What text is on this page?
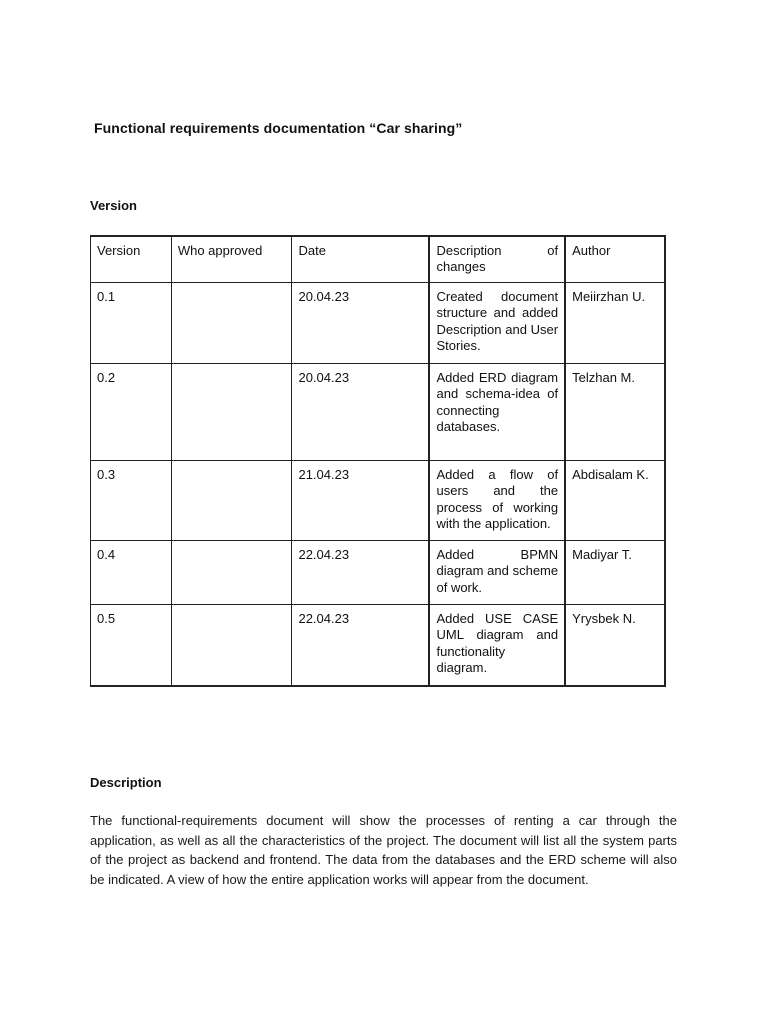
Functional requirements documentation “Car sharing”
Version
Version	Who approved	Date	Description of changes	Author
0.1		20.04.23	Created document structure and added Description and User Stories.	Meiirzhan U.
0.2		20.04.23	Added ERD diagram and schema-idea of connecting databases.	Telzhan M.
0.3		21.04.23	Added a flow of users and the process of working with the application.	Abdisalam K.
0.4		22.04.23	Added BPMN diagram and scheme of work.	Madiyar T.
0.5		22.04.23	Added USE CASE UML diagram and functionality diagram.	Yrysbek N.
Description
The functional-requirements document will show the processes of renting a car through the application, as well as all the characteristics of the project. The document will list all the system parts of the project as backend and frontend. The data from the databases and the ERD scheme will also be indicated. A view of how the entire application works will appear from the document.
